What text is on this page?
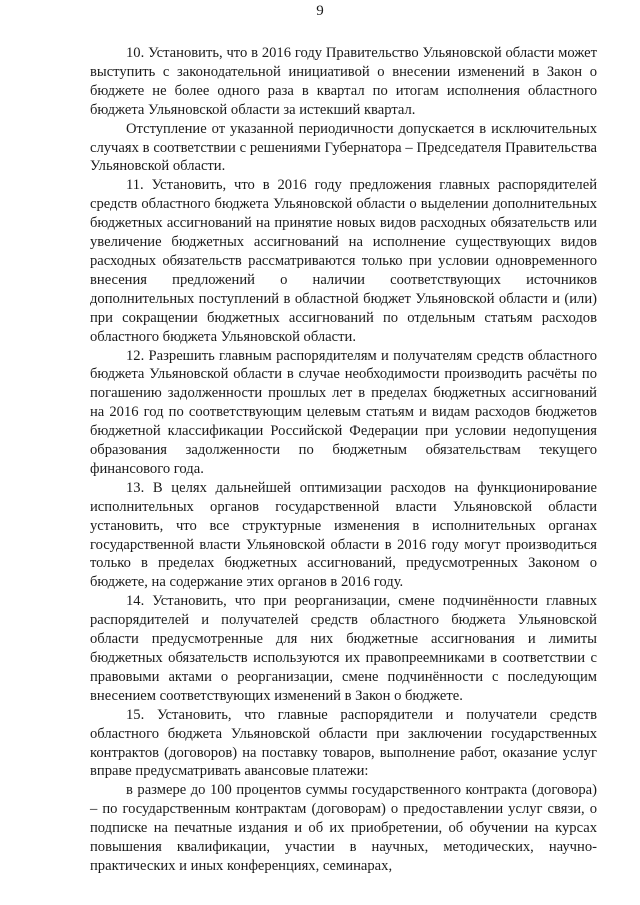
9

10. Установить, что в 2016 году Правительство Ульяновской области может выступить с законодательной инициативой о внесении изменений в Закон о бюджете не более одного раза в квартал по итогам исполнения областного бюджета Ульяновской области за истекший квартал.

Отступление от указанной периодичности допускается в исключительных случаях в соответствии с решениями Губернатора – Председателя Правительства Ульяновской области.

11. Установить, что в 2016 году предложения главных распорядителей средств областного бюджета Ульяновской области о выделении дополнительных бюджетных ассигнований на принятие новых видов расходных обязательств или увеличение бюджетных ассигнований на исполнение существующих видов расходных обязательств рассматриваются только при условии одновременного внесения предложений о наличии соответствующих источников дополнительных поступлений в областной бюджет Ульяновской области и (или) при сокращении бюджетных ассигнований по отдельным статьям расходов областного бюджета Ульяновской области.

12. Разрешить главным распорядителям и получателям средств областного бюджета Ульяновской области в случае необходимости производить расчёты по погашению задолженности прошлых лет в пределах бюджетных ассигнований на 2016 год по соответствующим целевым статьям и видам расходов бюджетов бюджетной классификации Российской Федерации при условии недопущения образования задолженности по бюджетным обязательствам текущего финансового года.

13. В целях дальнейшей оптимизации расходов на функционирование исполнительных органов государственной власти Ульяновской области установить, что все структурные изменения в исполнительных органах государственной власти Ульяновской области в 2016 году могут производиться только в пределах бюджетных ассигнований, предусмотренных Законом о бюджете, на содержание этих органов в 2016 году.

14. Установить, что при реорганизации, смене подчинённости главных распорядителей и получателей средств областного бюджета Ульяновской области предусмотренные для них бюджетные ассигнования и лимиты бюджетных обязательств используются их правопреемниками в соответствии с правовыми актами о реорганизации, смене подчинённости с последующим внесением соответствующих изменений в Закон о бюджете.

15. Установить, что главные распорядители и получатели средств областного бюджета Ульяновской области при заключении государственных контрактов (договоров) на поставку товаров, выполнение работ, оказание услуг вправе предусматривать авансовые платежи:

в размере до 100 процентов суммы государственного контракта (договора) – по государственным контрактам (договорам) о предоставлении услуг связи, о подписке на печатные издания и об их приобретении, об обучении на курсах повышения квалификации, участии в научных, методических, научно-практических и иных конференциях, семинарах,
